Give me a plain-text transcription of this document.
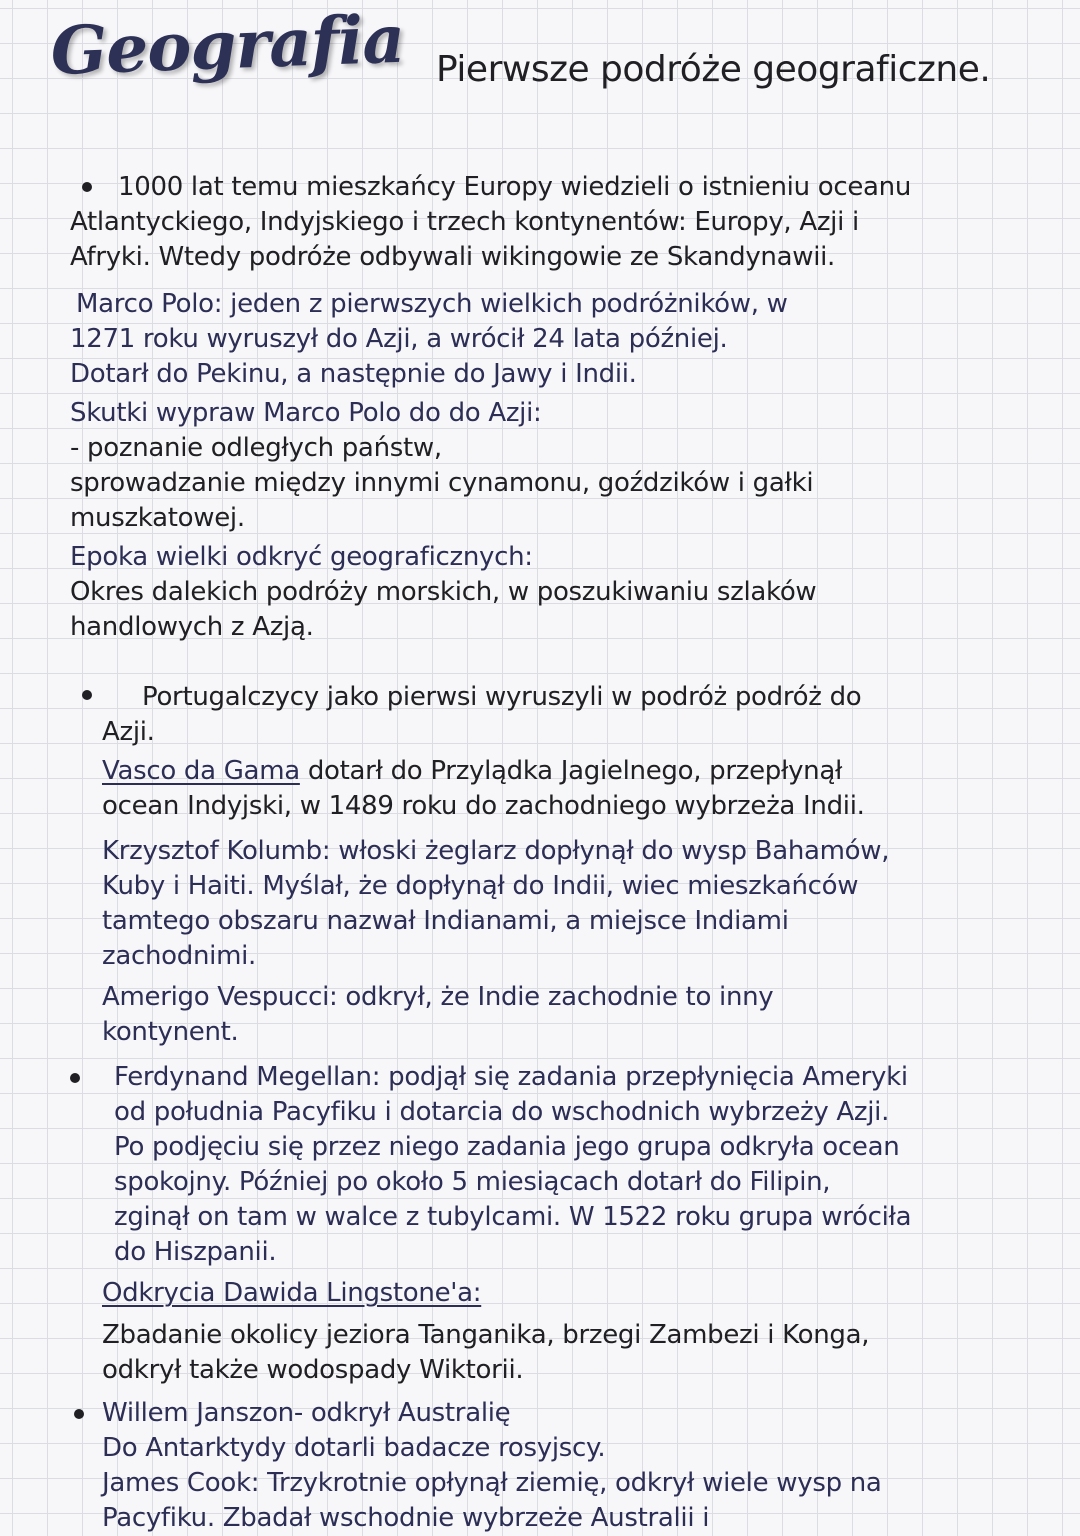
Geografia Pierwsze podróże geograficzne.
1000 lat temu mieszkańcy Europy wiedzieli o istnieniu oceanu
Atlantyckiego, Indyjskiego i trzech kontynentów: Europy, Azji i
Afryki. Wtedy podróże odbywali wikingowie ze Skandynawii.
Marco Polo: jeden z pierwszych wielkich podróżników, w
1271 roku wyruszył do Azji, a wrócił 24 lata później.
Dotarł do Pekinu, a następnie do Jawy i Indii.
Skutki wypraw Marco Polo do do Azji:
- poznanie odległych państw,
sprowadzanie między innymi cynamonu, goździków i gałki
muszkatowej.
Epoka wielki odkryć geograficznych:
Okres dalekich podróży morskich, w poszukiwaniu szlaków
handlowych z Azją.
Portugalczycy jako pierwsi wyruszyli w podróż podróż do
Azji.
Vasco da Gama dotarł do Przylądka Jagielnego, przepłynął
ocean Indyjski, w 1489 roku do zachodniego wybrzeża Indii.
Krzysztof Kolumb: włoski żeglarz dopłynął do wysp Bahamów,
Kuby i Haiti. Myślał, że dopłynął do Indii, wiec mieszkańców
tamtego obszaru nazwał Indianami, a miejsce Indiami
zachodnimi.
Amerigo Vespucci: odkrył, że Indie zachodnie to inny
kontynent.
Ferdynand Megellan: podjął się zadania przepłynięcia Ameryki
od południa Pacyfiku i dotarcia do wschodnich wybrzeży Azji.
Po podjęciu się przez niego zadania jego grupa odkryła ocean
spokojny. Później po około 5 miesiącach dotarł do Filipin,
zginął on tam w walce z tubylcami. W 1522 roku grupa wróciła
do Hiszpanii.
Odkrycia Dawida Lingstone'a:
Zbadanie okolicy jeziora Tanganika, brzegi Zambezi i Konga,
odkrył także wodospady Wiktorii.
Willem Janszon- odkrył Australię
Do Antarktydy dotarli badacze rosyjscy.
James Cook: Trzykrotnie opłynął ziemię, odkrył wiele wysp na
Pacyfiku. Zbadał wschodnie wybrzeże Australii i
